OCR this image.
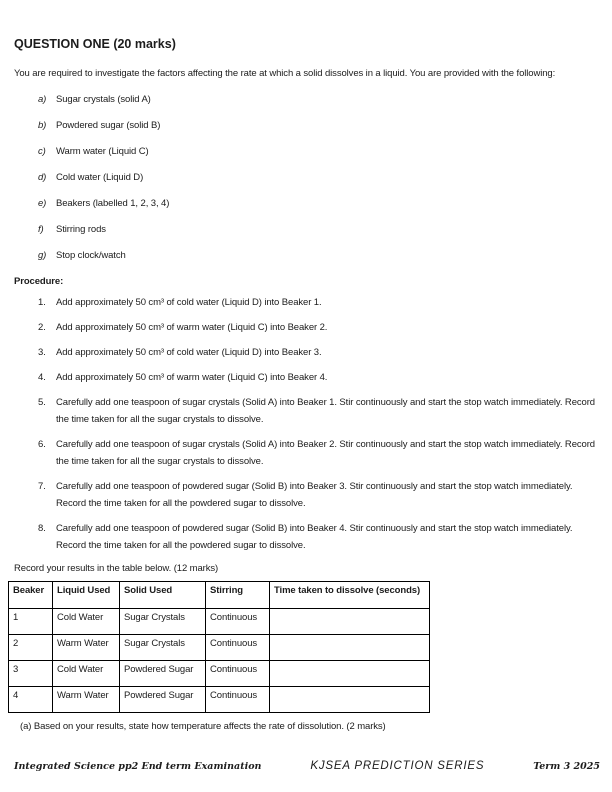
QUESTION ONE (20 marks)

You are required to investigate the factors affecting the rate at which a solid dissolves in a liquid. You are provided with the following:

a)	Sugar crystals (solid A)
b)	Powdered sugar (solid B)
c)	Warm water (Liquid C)
d)	Cold water (Liquid D)
e)	Beakers (labelled 1, 2, 3, 4)
f)	Stirring rods
g)	Stop clock/watch
Procedure:
1.	Add approximately 50 cm³ of cold water (Liquid D) into Beaker 1.
2.	Add approximately 50 cm³ of warm water (Liquid C) into Beaker 2.
3.	Add approximately 50 cm³ of cold water (Liquid D) into Beaker 3.
4.	Add approximately 50 cm³ of warm water (Liquid C) into Beaker 4.
5.	Carefully add one teaspoon of sugar crystals (Solid A) into Beaker 1. Stir continuously and start the stop watch immediately. Record the time taken for all the sugar crystals to dissolve.
6.	Carefully add one teaspoon of sugar crystals (Solid A) into Beaker 2. Stir continuously and start the stop watch immediately. Record the time taken for all the sugar crystals to dissolve.
7.	Carefully add one teaspoon of powdered sugar (Solid B) into Beaker 3. Stir continuously and start the stop watch immediately. Record the time taken for all the powdered sugar to dissolve.
8.	Carefully add one teaspoon of powdered sugar (Solid B) into Beaker 4. Stir continuously and start the stop watch immediately. Record the time taken for all the powdered sugar to dissolve.

Record your results in the table below. (12 marks)

Beaker	Liquid Used	Solid Used	Stirring	Time taken to dissolve (seconds)
1	Cold Water	Sugar Crystals	Continuous	
2	Warm Water	Sugar Crystals	Continuous	
3	Cold Water	Powdered Sugar	Continuous	
4	Warm Water	Powdered Sugar	Continuous	

(a) Based on your results, state how temperature affects the rate of dissolution. (2 marks)

Integrated Science pp2 End term Examination	KJSEA PREDICTION SERIES	Term 3 2025
